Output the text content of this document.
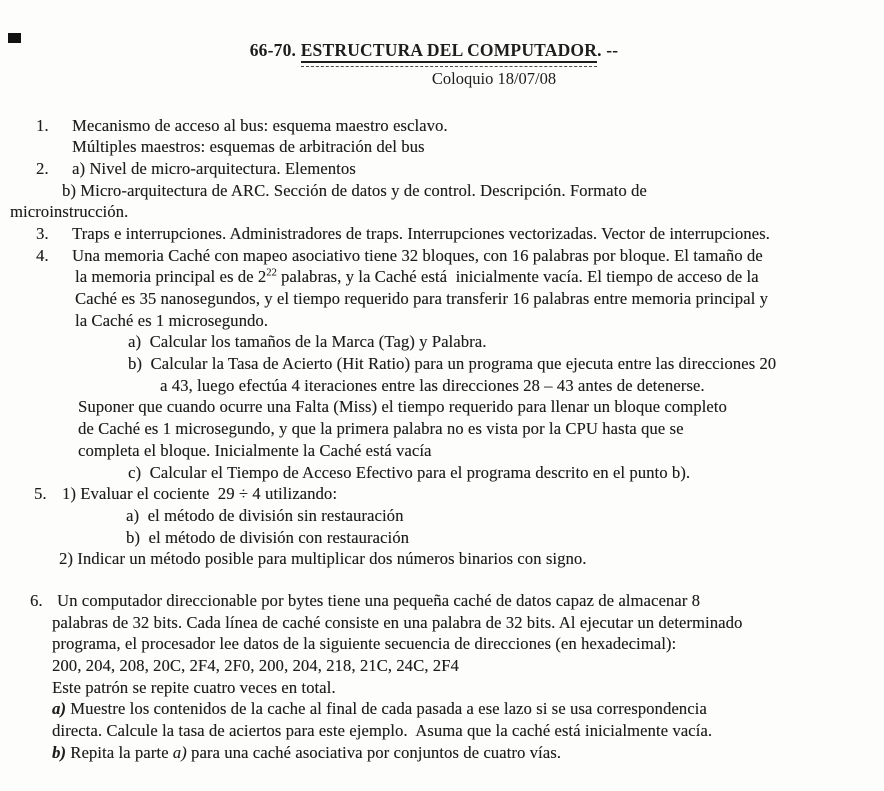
66-70. ESTRUCTURA DEL COMPUTADOR. --
Coloquio 18/07/08
1. Mecanismo de acceso al bus: esquema maestro esclavo.
Múltiples maestros: esquemas de arbitración del bus
2. a) Nivel de micro-arquitectura. Elementos
b) Micro-arquitectura de ARC. Sección de datos y de control. Descripción. Formato de
microinstrucción.
3. Traps e interrupciones. Administradores de traps. Interrupciones vectorizadas. Vector de interrupciones.
4. Una memoria Caché con mapeo asociativo tiene 32 bloques, con 16 palabras por bloque. El tamaño de
la memoria principal es de $2^{22}$ palabras, y la Caché está  inicialmente vacía. El tiempo de acceso de la
Caché es 35 nanosegundos, y el tiempo requerido para transferir 16 palabras entre memoria principal y
la Caché es 1 microsegundo.
a)  Calcular los tamaños de la Marca (Tag) y Palabra.
b)  Calcular la Tasa de Acierto (Hit Ratio) para un programa que ejecuta entre las direcciones 20
a 43, luego efectúa 4 iteraciones entre las direcciones 28 – 43 antes de detenerse.
Suponer que cuando ocurre una Falta (Miss) el tiempo requerido para llenar un bloque completo
de Caché es 1 microsegundo, y que la primera palabra no es vista por la CPU hasta que se
completa el bloque. Inicialmente la Caché está vacía
c)  Calcular el Tiempo de Acceso Efectivo para el programa descrito en el punto b).
5. 1) Evaluar el cociente  29 ÷ 4 utilizando:
a)  el método de división sin restauración
b)  el método de división con restauración
2) Indicar un método posible para multiplicar dos números binarios con signo.
6. Un computador direccionable por bytes tiene una pequeña caché de datos capaz de almacenar 8
palabras de 32 bits. Cada línea de caché consiste en una palabra de 32 bits. Al ejecutar un determinado
programa, el procesador lee datos de la siguiente secuencia de direcciones (en hexadecimal):
200, 204, 208, 20C, 2F4, 2F0, 200, 204, 218, 21C, 24C, 2F4
Este patrón se repite cuatro veces en total.
a) Muestre los contenidos de la cache al final de cada pasada a ese lazo si se usa correspondencia
directa. Calcule la tasa de aciertos para este ejemplo.  Asuma que la caché está inicialmente vacía.
b) Repita la parte a) para una caché asociativa por conjuntos de cuatro vías.
